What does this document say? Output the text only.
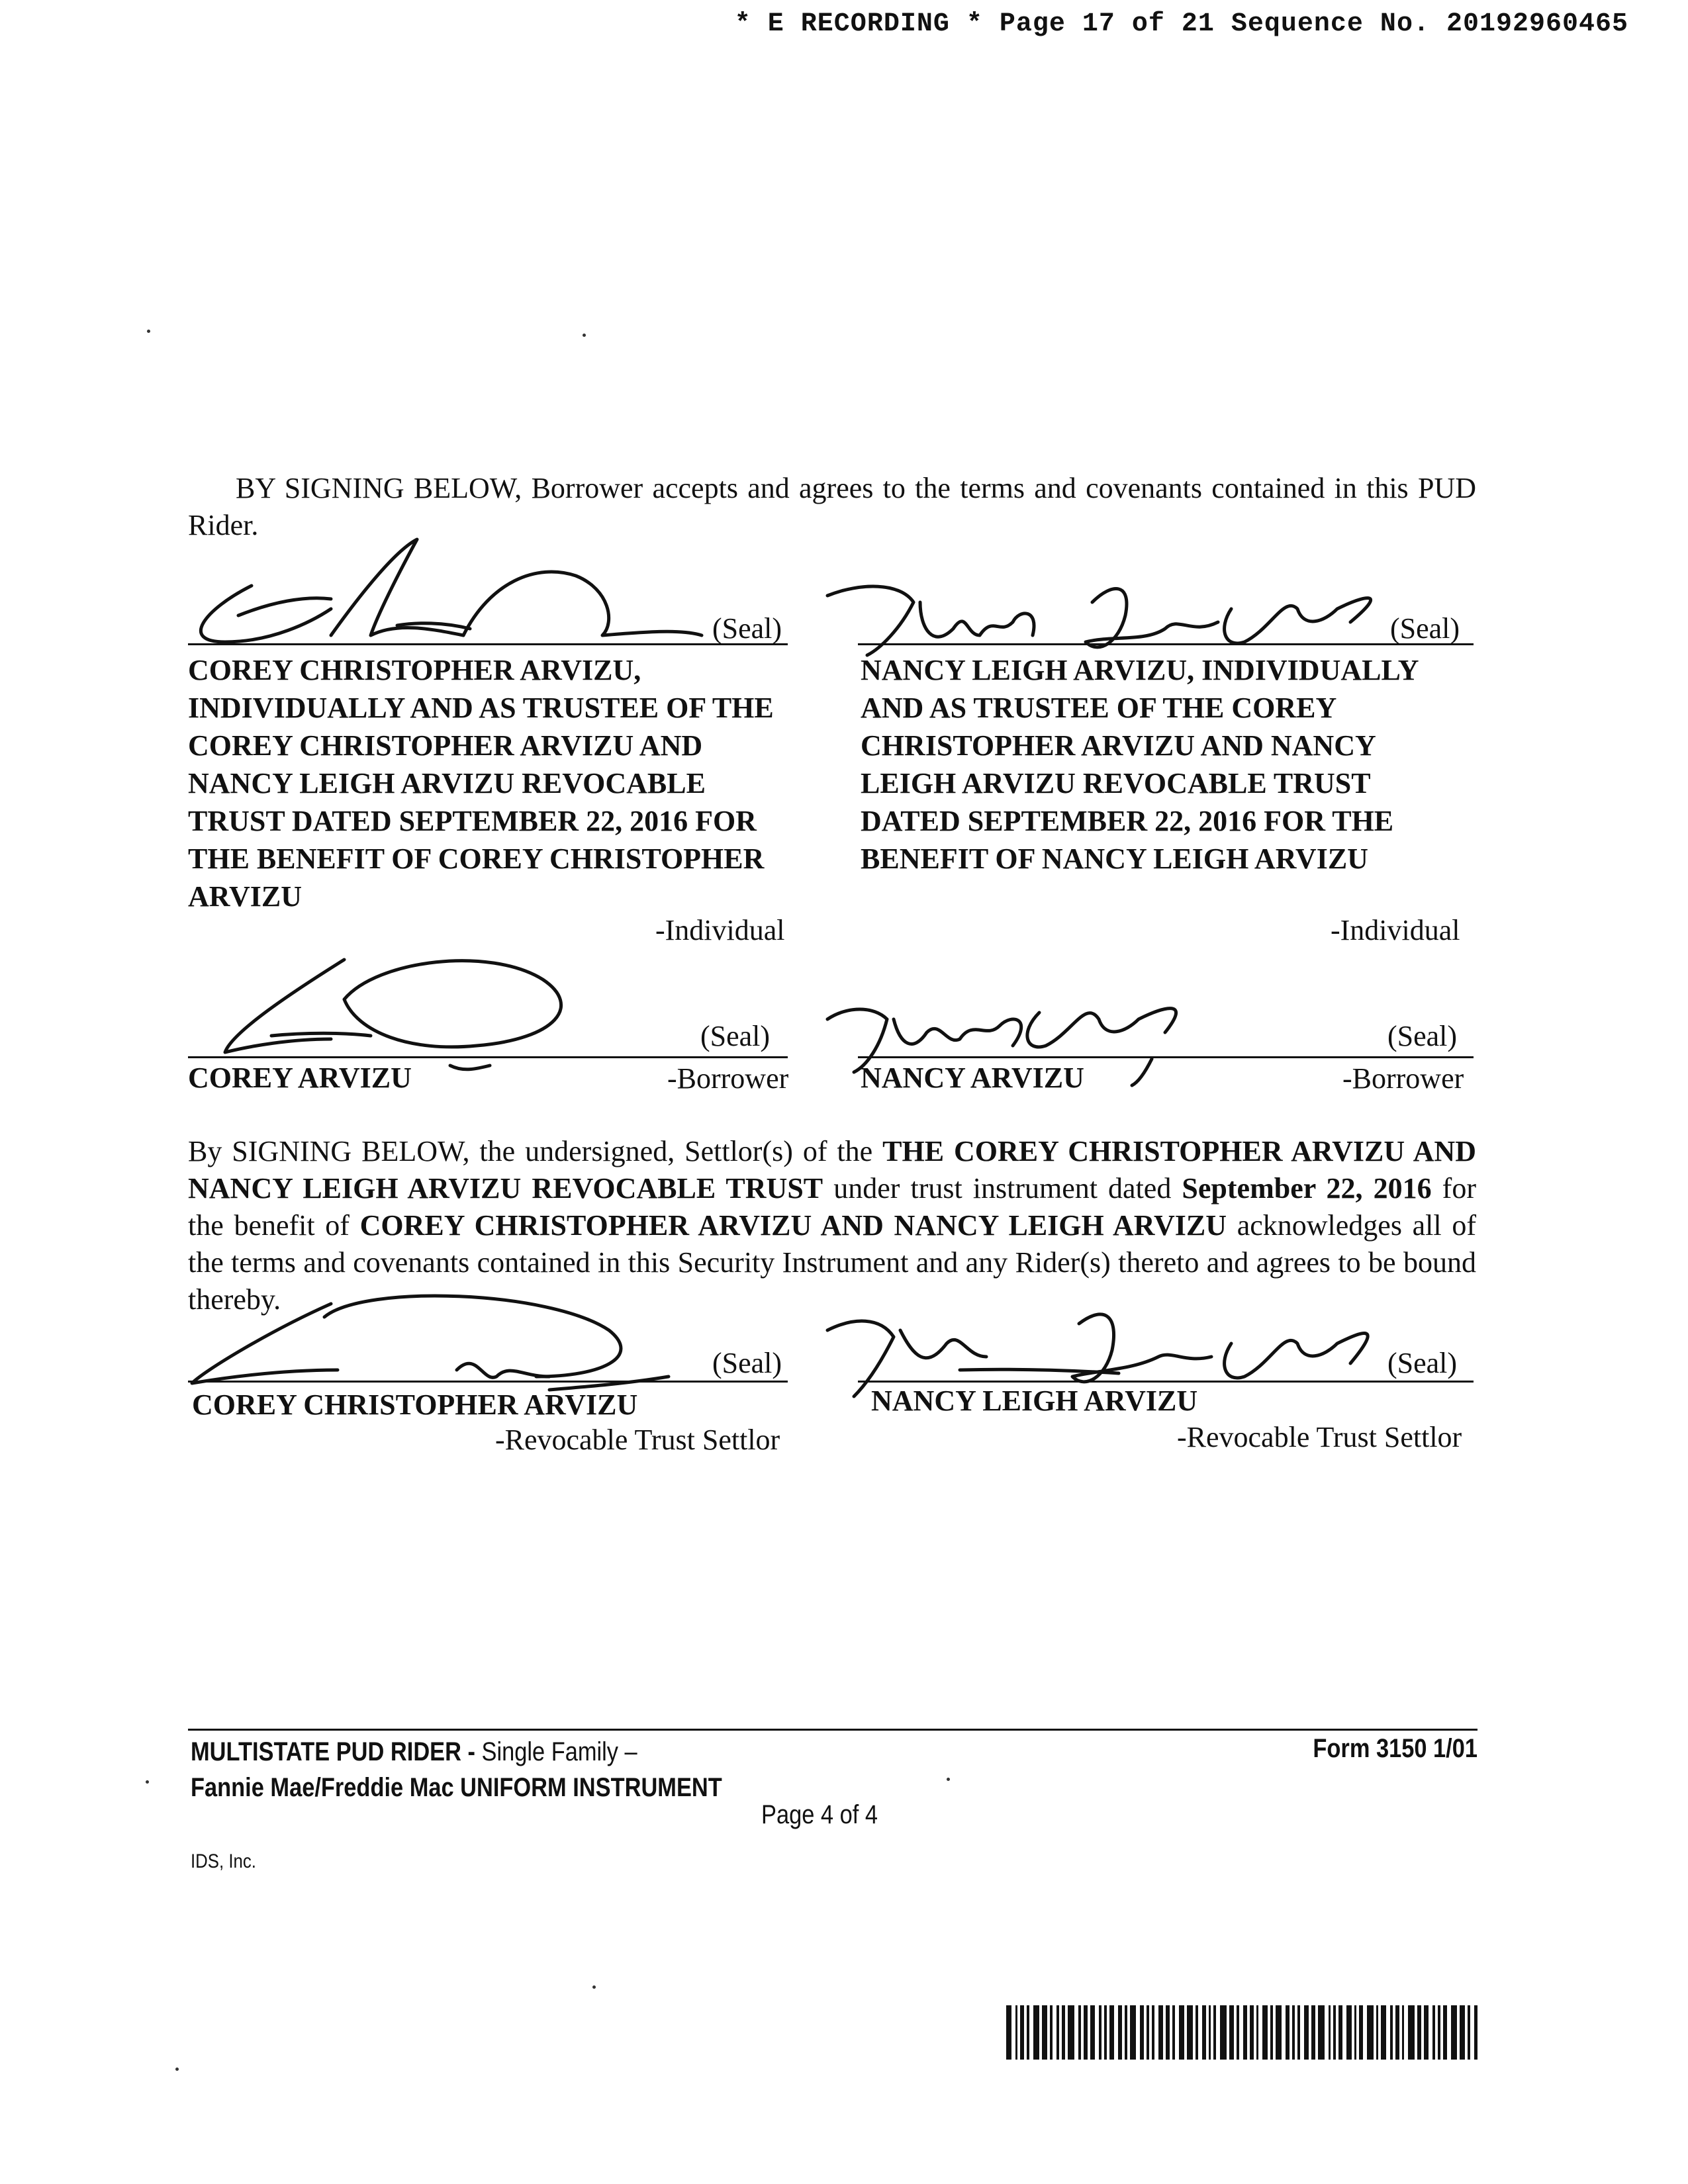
* E RECORDING * Page 17 of 21 Sequence No. 20192960465
BY SIGNING BELOW, Borrower accepts and agrees to the terms and covenants contained in this PUD Rider.
(Seal)
COREY CHRISTOPHER ARVIZU, INDIVIDUALLY AND AS TRUSTEE OF THE COREY CHRISTOPHER ARVIZU AND NANCY LEIGH ARVIZU REVOCABLE TRUST DATED SEPTEMBER 22, 2016 FOR THE BENEFIT OF COREY CHRISTOPHER ARVIZU
-Individual
(Seal)
NANCY LEIGH ARVIZU, INDIVIDUALLY AND AS TRUSTEE OF THE COREY CHRISTOPHER ARVIZU AND NANCY LEIGH ARVIZU REVOCABLE TRUST DATED SEPTEMBER 22, 2016 FOR THE BENEFIT OF NANCY LEIGH ARVIZU
-Individual
(Seal)
COREY ARVIZU	-Borrower
(Seal)
NANCY ARVIZU	-Borrower
By SIGNING BELOW, the undersigned, Settlor(s) of the THE COREY CHRISTOPHER ARVIZU AND NANCY LEIGH ARVIZU REVOCABLE TRUST under trust instrument dated September 22, 2016 for the benefit of COREY CHRISTOPHER ARVIZU AND NANCY LEIGH ARVIZU acknowledges all of the terms and covenants contained in this Security Instrument and any Rider(s) thereto and agrees to be bound thereby.
(Seal)
COREY CHRISTOPHER ARVIZU
-Revocable Trust Settlor
(Seal)
NANCY LEIGH ARVIZU
-Revocable Trust Settlor
MULTISTATE PUD RIDER - Single Family –
Fannie Mae/Freddie Mac UNIFORM INSTRUMENT
Form 3150 1/01
Page 4 of 4
IDS, Inc.
